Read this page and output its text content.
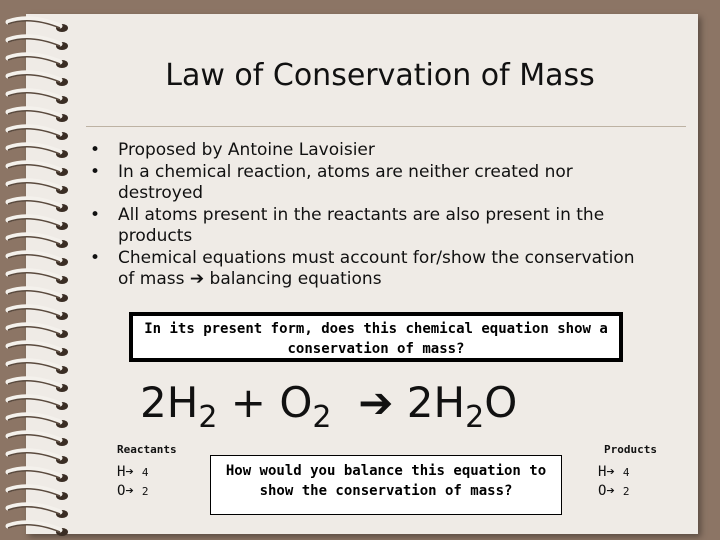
Law of Conservation of Mass
• Proposed by Antoine Lavoisier
• In a chemical reaction, atoms are neither created nor destroyed
• All atoms present in the reactants are also present in the products
• Chemical equations must account for/show the conservation of mass ➔ balancing equations
In its present form, does this chemical equation show a conservation of mass?
$2H_2 + O_2$ ➔ $2H_2O$
Reactants
H➔ 4
O➔ 2
How would you balance this equation to show the conservation of mass?
Products
H➔ 4
O➔ 2
